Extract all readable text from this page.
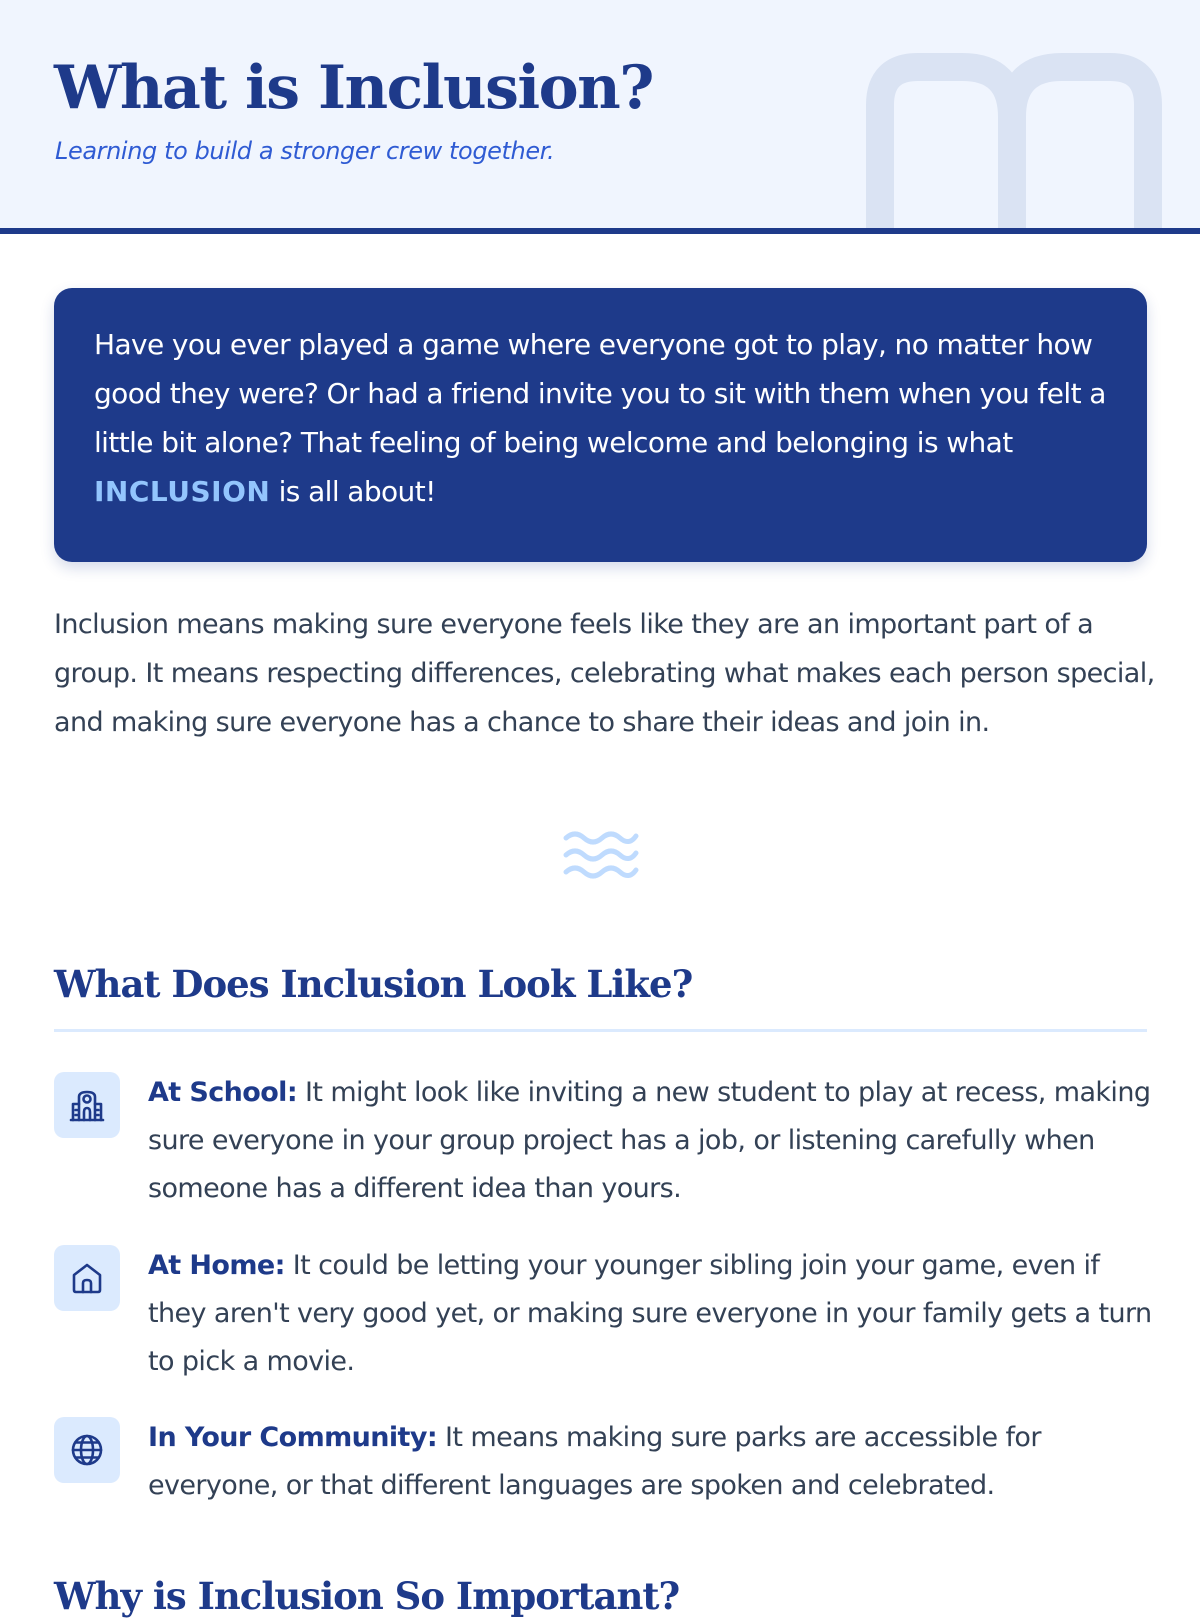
What is Inclusion?

Learning to build a stronger crew together.

Have you ever played a game where everyone got to play, no matter how good they were? Or had a friend invite you to sit with them when you felt a little bit alone? That feeling of being welcome and belonging is what INCLUSION is all about!

Inclusion means making sure everyone feels like they are an important part of a group. It means respecting differences, celebrating what makes each person special, and making sure everyone has a chance to share their ideas and join in.

What Does Inclusion Look Like?

At School: It might look like inviting a new student to play at recess, making sure everyone in your group project has a job, or listening carefully when someone has a different idea than yours.

At Home: It could be letting your younger sibling join your game, even if they aren't very good yet, or making sure everyone in your family gets a turn to pick a movie.

In Your Community: It means making sure parks are accessible for everyone, or that different languages are spoken and celebrated.

Why is Inclusion So Important?
